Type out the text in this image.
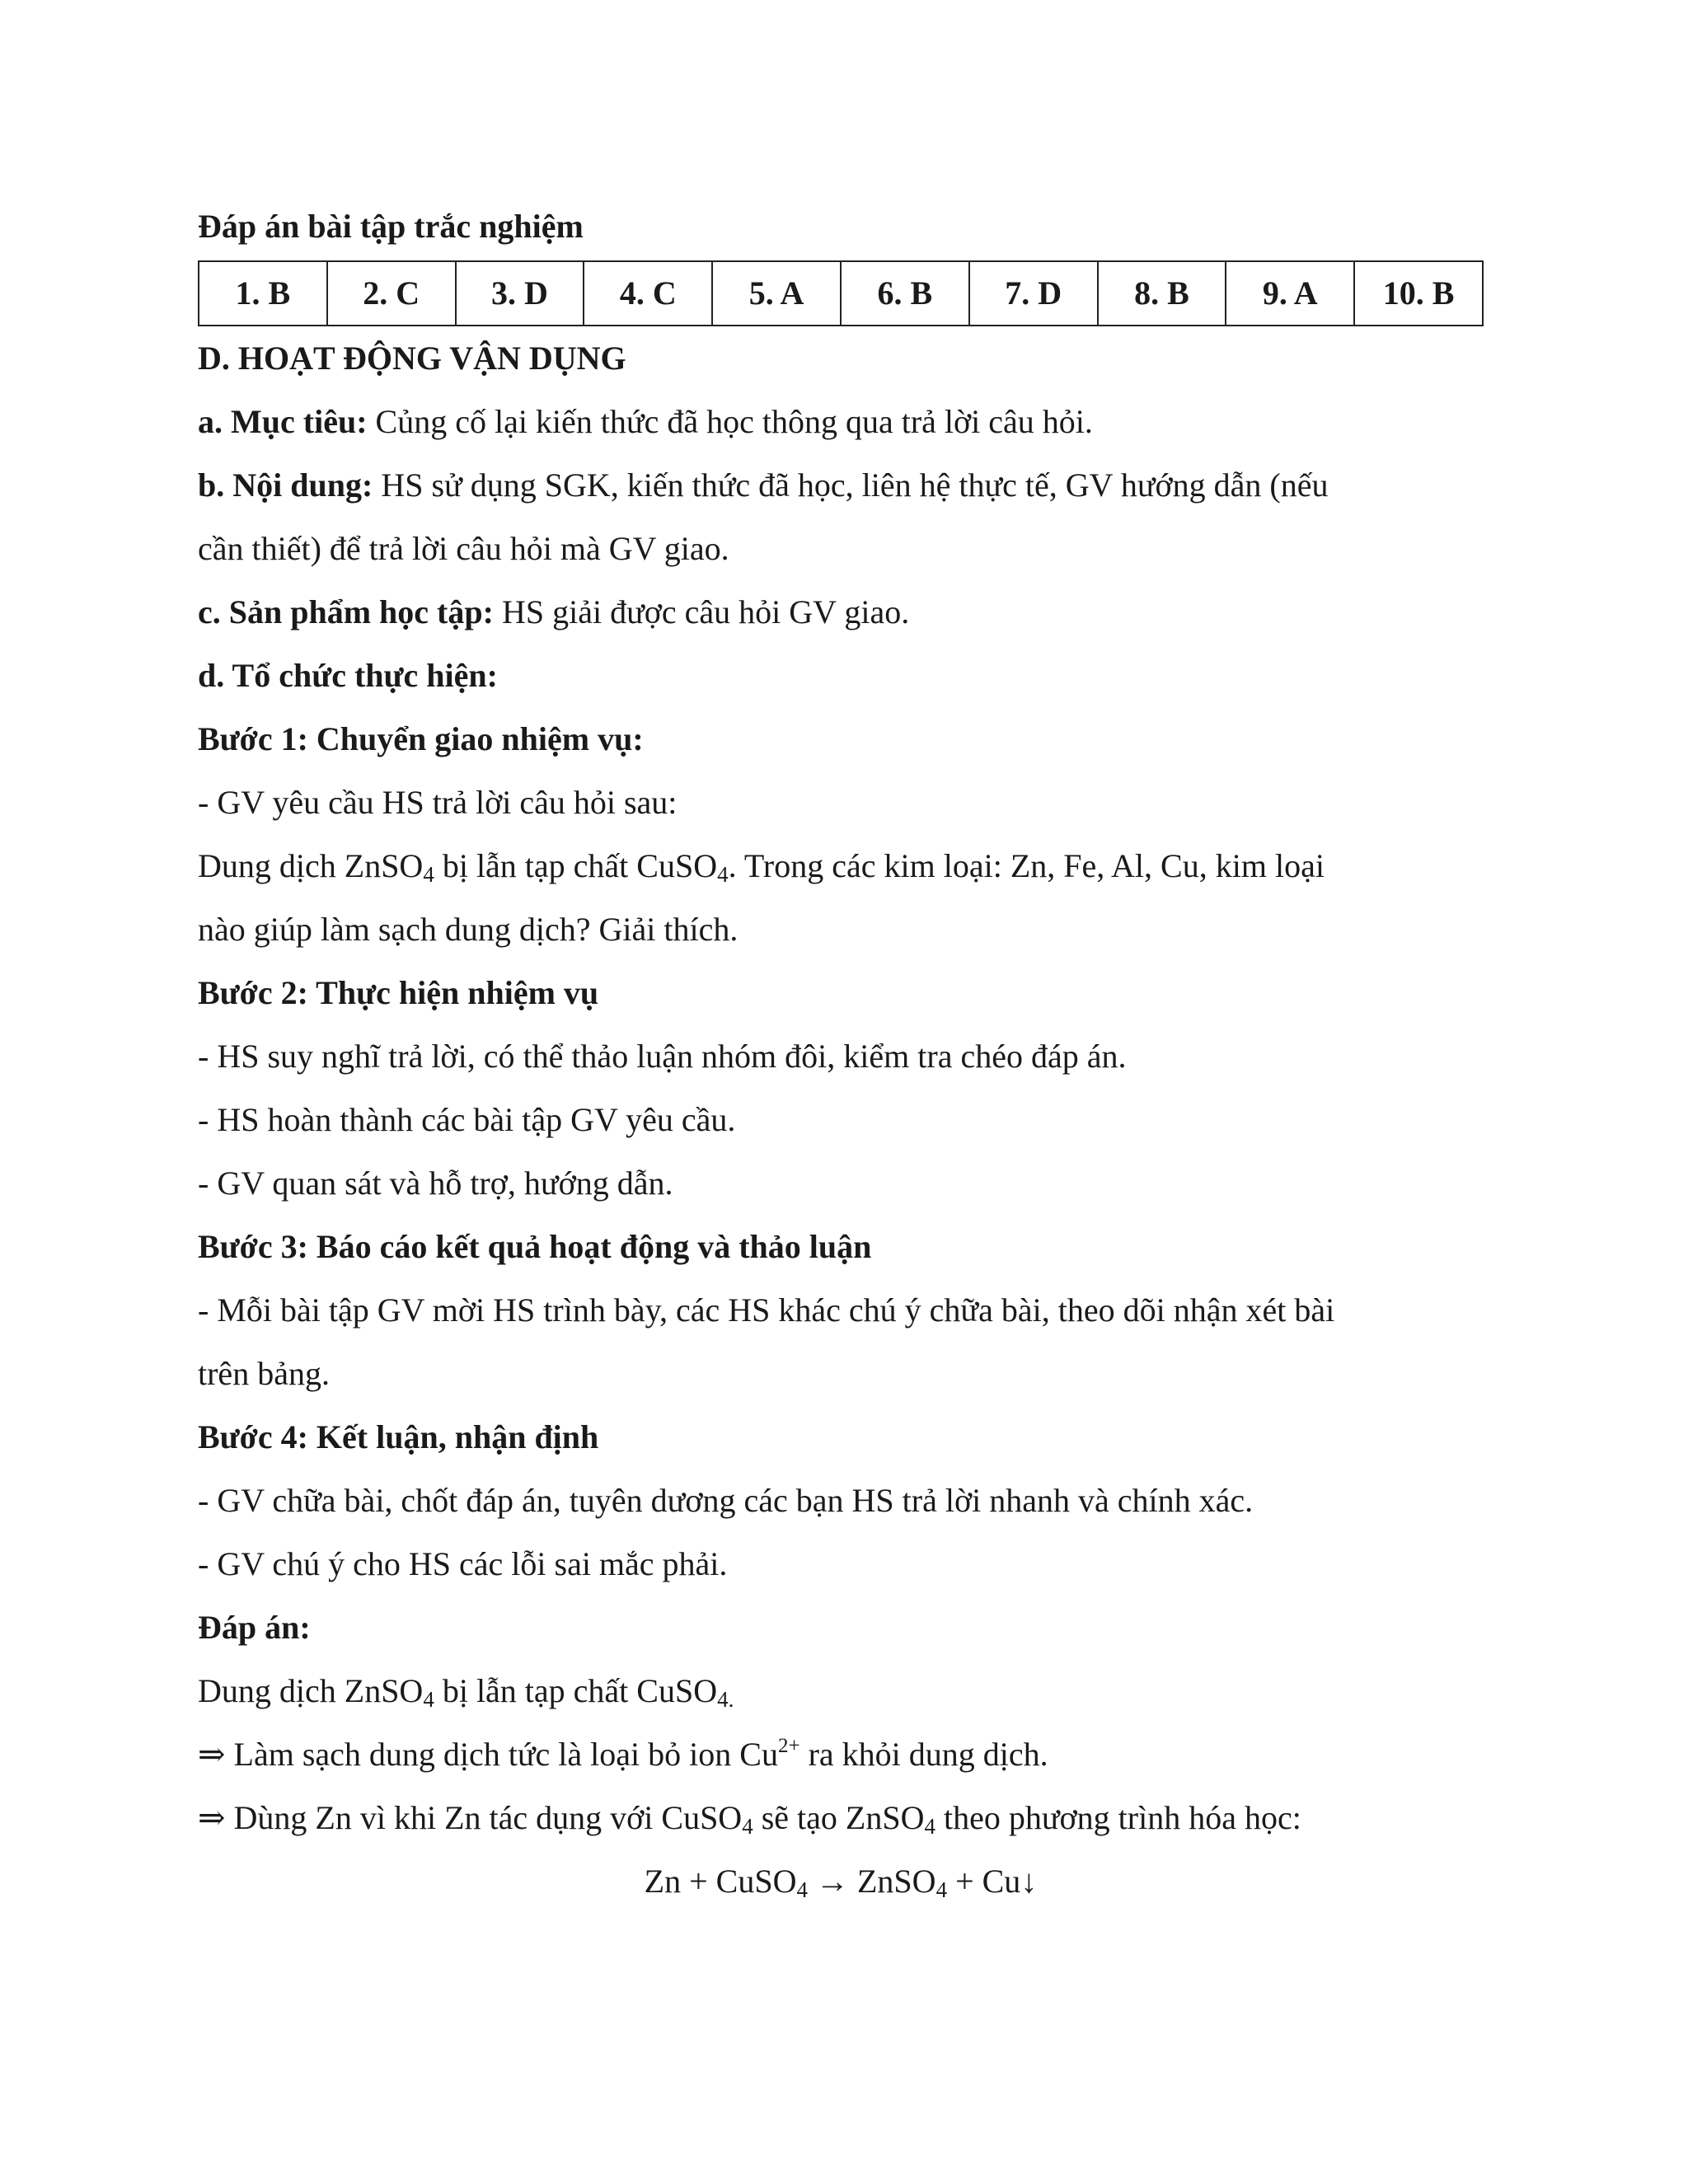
Đáp án bài tập trắc nghiệm

1. B	2. C	3. D	4. C	5. A	6. B	7. D	8. B	9. A	10. B

D. HOẠT ĐỘNG VẬN DỤNG

a. Mục tiêu: Củng cố lại kiến thức đã học thông qua trả lời câu hỏi.

b. Nội dung: HS sử dụng SGK, kiến thức đã học, liên hệ thực tế, GV hướng dẫn (nếu

cần thiết) để trả lời câu hỏi mà GV giao.

c. Sản phẩm học tập: HS giải được câu hỏi GV giao.

d. Tổ chức thực hiện:

Bước 1: Chuyển giao nhiệm vụ:

- GV yêu cầu HS trả lời câu hỏi sau:

Dung dịch ZnSO$_4$ bị lẫn tạp chất CuSO$_4$. Trong các kim loại: Zn, Fe, Al, Cu, kim loại

nào giúp làm sạch dung dịch? Giải thích.

Bước 2: Thực hiện nhiệm vụ

- HS suy nghĩ trả lời, có thể thảo luận nhóm đôi, kiểm tra chéo đáp án.

- HS hoàn thành các bài tập GV yêu cầu.

- GV quan sát và hỗ trợ, hướng dẫn.

Bước 3: Báo cáo kết quả hoạt động và thảo luận

- Mỗi bài tập GV mời HS trình bày, các HS khác chú ý chữa bài, theo dõi nhận xét bài

trên bảng.

Bước 4: Kết luận, nhận định

- GV chữa bài, chốt đáp án, tuyên dương các bạn HS trả lời nhanh và chính xác.

- GV chú ý cho HS các lỗi sai mắc phải.

Đáp án:

Dung dịch ZnSO$_4$ bị lẫn tạp chất CuSO$_{4.}$

⇒ Làm sạch dung dịch tức là loại bỏ ion $Cu^{2+}$ ra khỏi dung dịch.

⇒ Dùng Zn vì khi Zn tác dụng với CuSO$_4$ sẽ tạo ZnSO$_4$ theo phương trình hóa học:

Zn + CuSO$_4$ → ZnSO$_4$ + Cu↓
